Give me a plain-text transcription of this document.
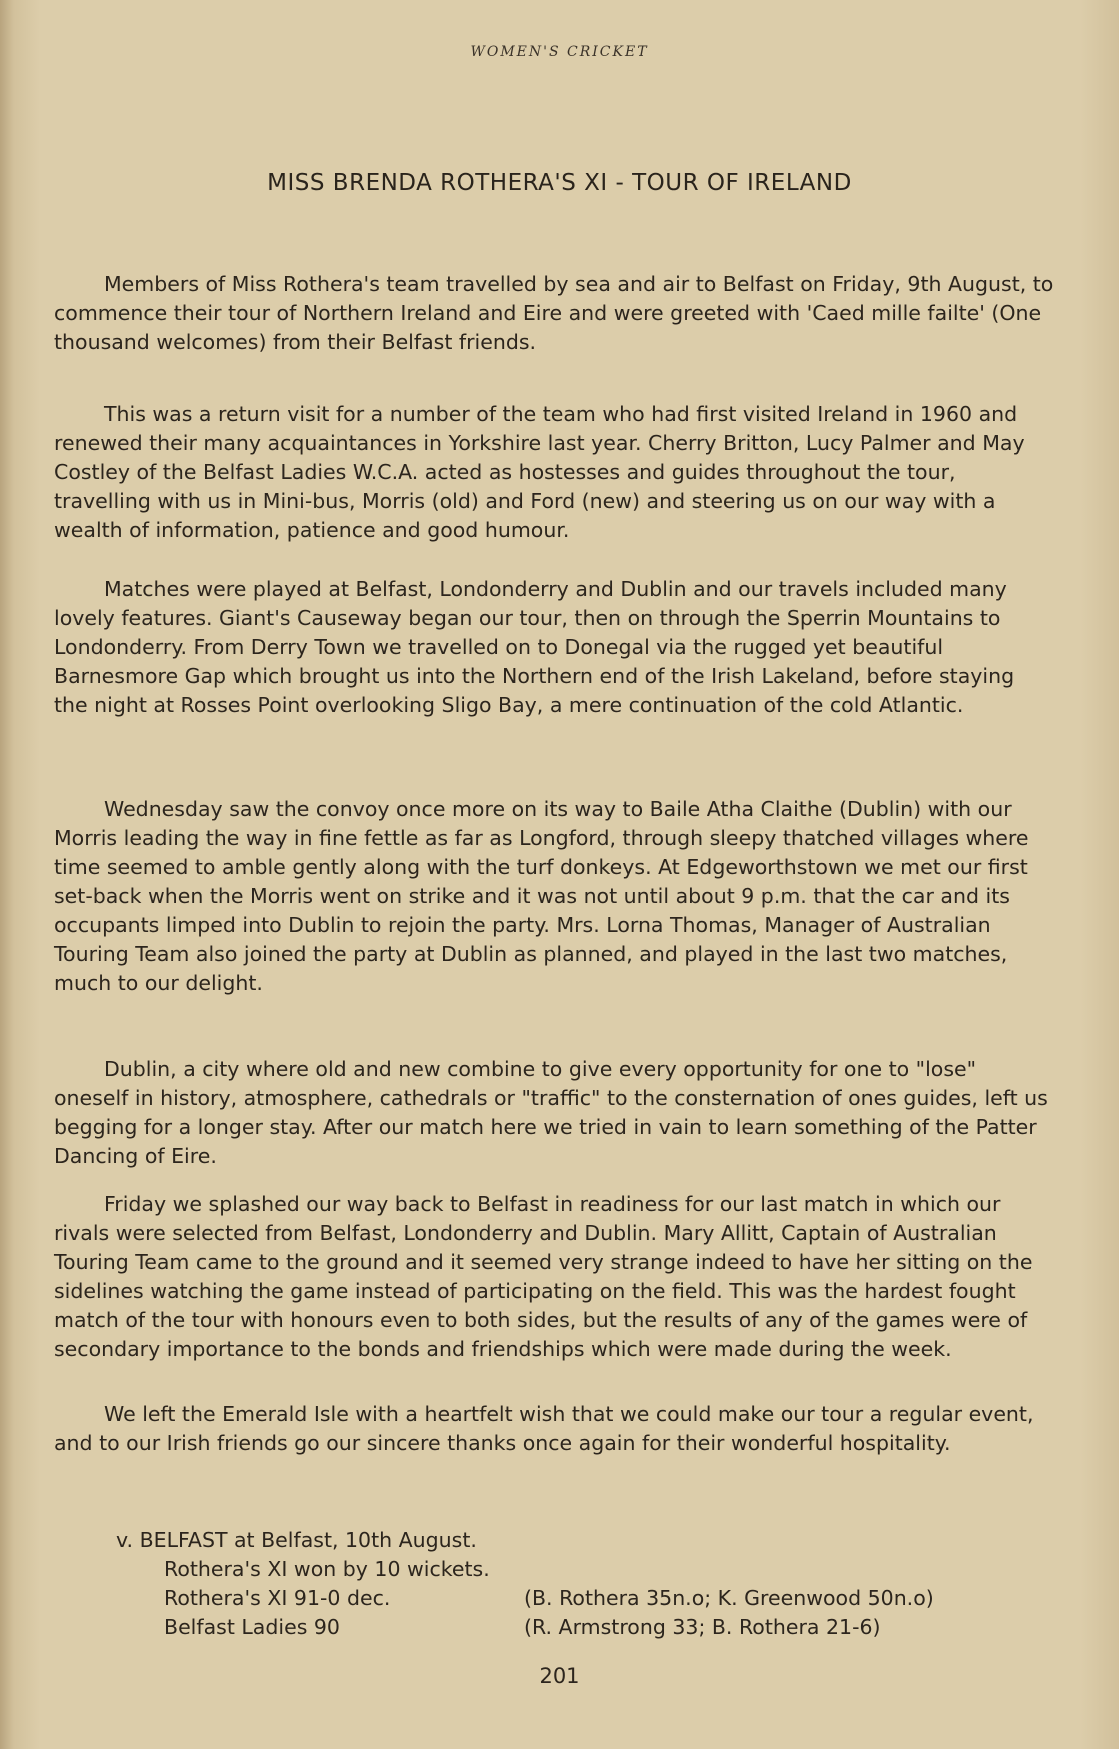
WOMEN'S CRICKET
MISS BRENDA ROTHERA'S XI - TOUR OF IRELAND

Members of Miss Rothera's team travelled by sea and air to Belfast on Friday, 9th August, to commence their tour of Northern Ireland and Eire and were greeted with 'Caed mille failte' (One thousand welcomes) from their Belfast friends.

This was a return visit for a number of the team who had first visited Ireland in 1960 and renewed their many acquaintances in Yorkshire last year. Cherry Britton, Lucy Palmer and May Costley of the Belfast Ladies W.C.A. acted as hostesses and guides throughout the tour, travelling with us in Mini-bus, Morris (old) and Ford (new) and steering us on our way with a wealth of information, patience and good humour.

Matches were played at Belfast, Londonderry and Dublin and our travels included many lovely features. Giant's Causeway began our tour, then on through the Sperrin Mountains to Londonderry. From Derry Town we travelled on to Donegal via the rugged yet beautiful Barnesmore Gap which brought us into the Northern end of the Irish Lakeland, before staying the night at Rosses Point overlooking Sligo Bay, a mere continuation of the cold Atlantic.

Wednesday saw the convoy once more on its way to Baile Atha Claithe (Dublin) with our Morris leading the way in fine fettle as far as Longford, through sleepy thatched villages where time seemed to amble gently along with the turf donkeys. At Edgeworthstown we met our first set-back when the Morris went on strike and it was not until about 9 p.m. that the car and its occupants limped into Dublin to rejoin the party. Mrs. Lorna Thomas, Manager of Australian Touring Team also joined the party at Dublin as planned, and played in the last two matches, much to our delight.

Dublin, a city where old and new combine to give every opportunity for one to "lose" oneself in history, atmosphere, cathedrals or "traffic" to the consternation of ones guides, left us begging for a longer stay. After our match here we tried in vain to learn something of the Patter Dancing of Eire.

Friday we splashed our way back to Belfast in readiness for our last match in which our rivals were selected from Belfast, Londonderry and Dublin. Mary Allitt, Captain of Australian Touring Team came to the ground and it seemed very strange indeed to have her sitting on the sidelines watching the game instead of participating on the field. This was the hardest fought match of the tour with honours even to both sides, but the results of any of the games were of secondary importance to the bonds and friendships which were made during the week.

We left the Emerald Isle with a heartfelt wish that we could make our tour a regular event, and to our Irish friends go our sincere thanks once again for their wonderful hospitality.

v. BELFAST at Belfast, 10th August.
Rothera's XI won by 10 wickets.
Rothera's XI 91-0 dec.	(B. Rothera 35n.o; K. Greenwood 50n.o)
Belfast Ladies 90	(R. Armstrong 33; B. Rothera 21-6)
201
